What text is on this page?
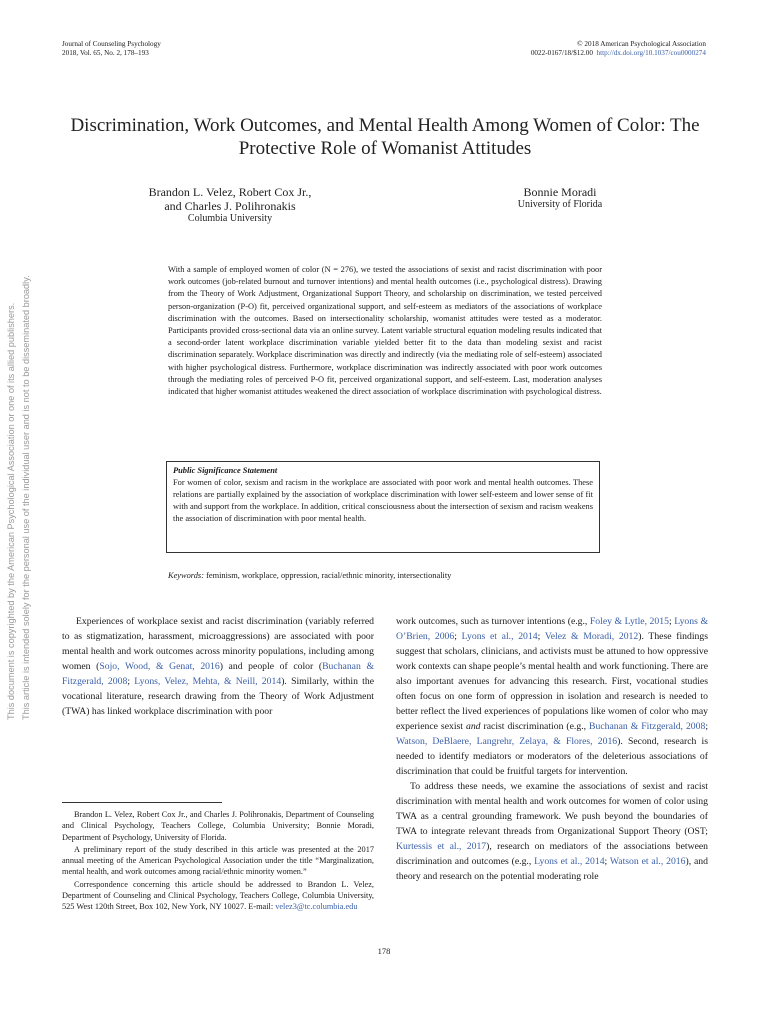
Journal of Counseling Psychology
2018, Vol. 65, No. 2, 178–193
© 2018 American Psychological Association
0022-0167/18/$12.00 http://dx.doi.org/10.1037/cou0000274
Discrimination, Work Outcomes, and Mental Health Among Women of Color: The Protective Role of Womanist Attitudes
Brandon L. Velez, Robert Cox Jr.,
and Charles J. Polihronakis
Columbia University
Bonnie Moradi
University of Florida
With a sample of employed women of color (N = 276), we tested the associations of sexist and racist discrimination with poor work outcomes (job-related burnout and turnover intentions) and mental health outcomes (i.e., psychological distress). Drawing from the Theory of Work Adjustment, Organizational Support Theory, and scholarship on discrimination, we tested perceived person-organization (P-O) fit, perceived organizational support, and self-esteem as mediators of the associations of workplace discrimination with the outcomes. Based on intersectionality scholarship, womanist attitudes were tested as a moderator. Participants provided cross-sectional data via an online survey. Latent variable structural equation modeling results indicated that a second-order latent workplace discrimination variable yielded better fit to the data than modeling sexist and racist discrimination separately. Workplace discrimination was directly and indirectly (via the mediating role of self-esteem) associated with higher psychological distress. Furthermore, workplace discrimination was indirectly associated with poor work outcomes through the mediating roles of perceived P-O fit, perceived organizational support, and self-esteem. Last, moderation analyses indicated that higher womanist attitudes weakened the direct association of workplace discrimination with psychological distress.
Public Significance Statement
For women of color, sexism and racism in the workplace are associated with poor work and mental health outcomes. These relations are partially explained by the association of workplace discrimination with lower self-esteem and lower sense of fit with and support from the workplace. In addition, critical consciousness about the intersection of sexism and racism weakens the association of discrimination with poor mental health.
Keywords: feminism, workplace, oppression, racial/ethnic minority, intersectionality

Experiences of workplace sexist and racist discrimination (variably referred to as stigmatization, harassment, microaggressions) are associated with poor mental health and work outcomes across minority populations, including among women (Sojo, Wood, & Genat, 2016) and people of color (Buchanan & Fitzgerald, 2008; Lyons, Velez, Mehta, & Neill, 2014). Similarly, within the vocational literature, research drawing from the Theory of Work Adjustment (TWA) has linked workplace discrimination with poor

Brandon L. Velez, Robert Cox Jr., and Charles J. Polihronakis, Department of Counseling and Clinical Psychology, Teachers College, Columbia University; Bonnie Moradi, Department of Psychology, University of Florida.

A preliminary report of the study described in this article was presented at the 2017 annual meeting of the American Psychological Association under the title “Marginalization, mental health, and work outcomes among racial/ethnic minority women.”

Correspondence concerning this article should be addressed to Brandon L. Velez, Department of Counseling and Clinical Psychology, Teachers College, Columbia University, 525 West 120th Street, Box 102, New York, NY 10027. E-mail: velez3@tc.columbia.edu

work outcomes, such as turnover intentions (e.g., Foley & Lytle, 2015; Lyons & O’Brien, 2006; Lyons et al., 2014; Velez & Moradi, 2012). These findings suggest that scholars, clinicians, and activists must be attuned to how oppressive work contexts can shape people’s mental health and work functioning. There are also important avenues for advancing this research. First, vocational studies often focus on one form of oppression in isolation and research is needed to better reflect the lived experiences of populations like women of color who may experience sexist and racist discrimination (e.g., Buchanan & Fitzgerald, 2008; Watson, DeBlaere, Langrehr, Zelaya, & Flores, 2016). Second, research is needed to identify mediators or moderators of the deleterious associations of discrimination that could be fruitful targets for intervention.

To address these needs, we examine the associations of sexist and racist discrimination with mental health and work outcomes for women of color using TWA as a central grounding framework. We push beyond the boundaries of TWA to integrate relevant threads from Organizational Support Theory (OST; Kurtessis et al., 2017), research on mediators of the associations between discrimination and outcomes (e.g., Lyons et al., 2014; Watson et al., 2016), and theory and research on the potential moderating role

This document is copyrighted by the American Psychological Association or one of its allied publishers. This article is intended solely for the personal use of the individual user and is not to be disseminated broadly.
178
